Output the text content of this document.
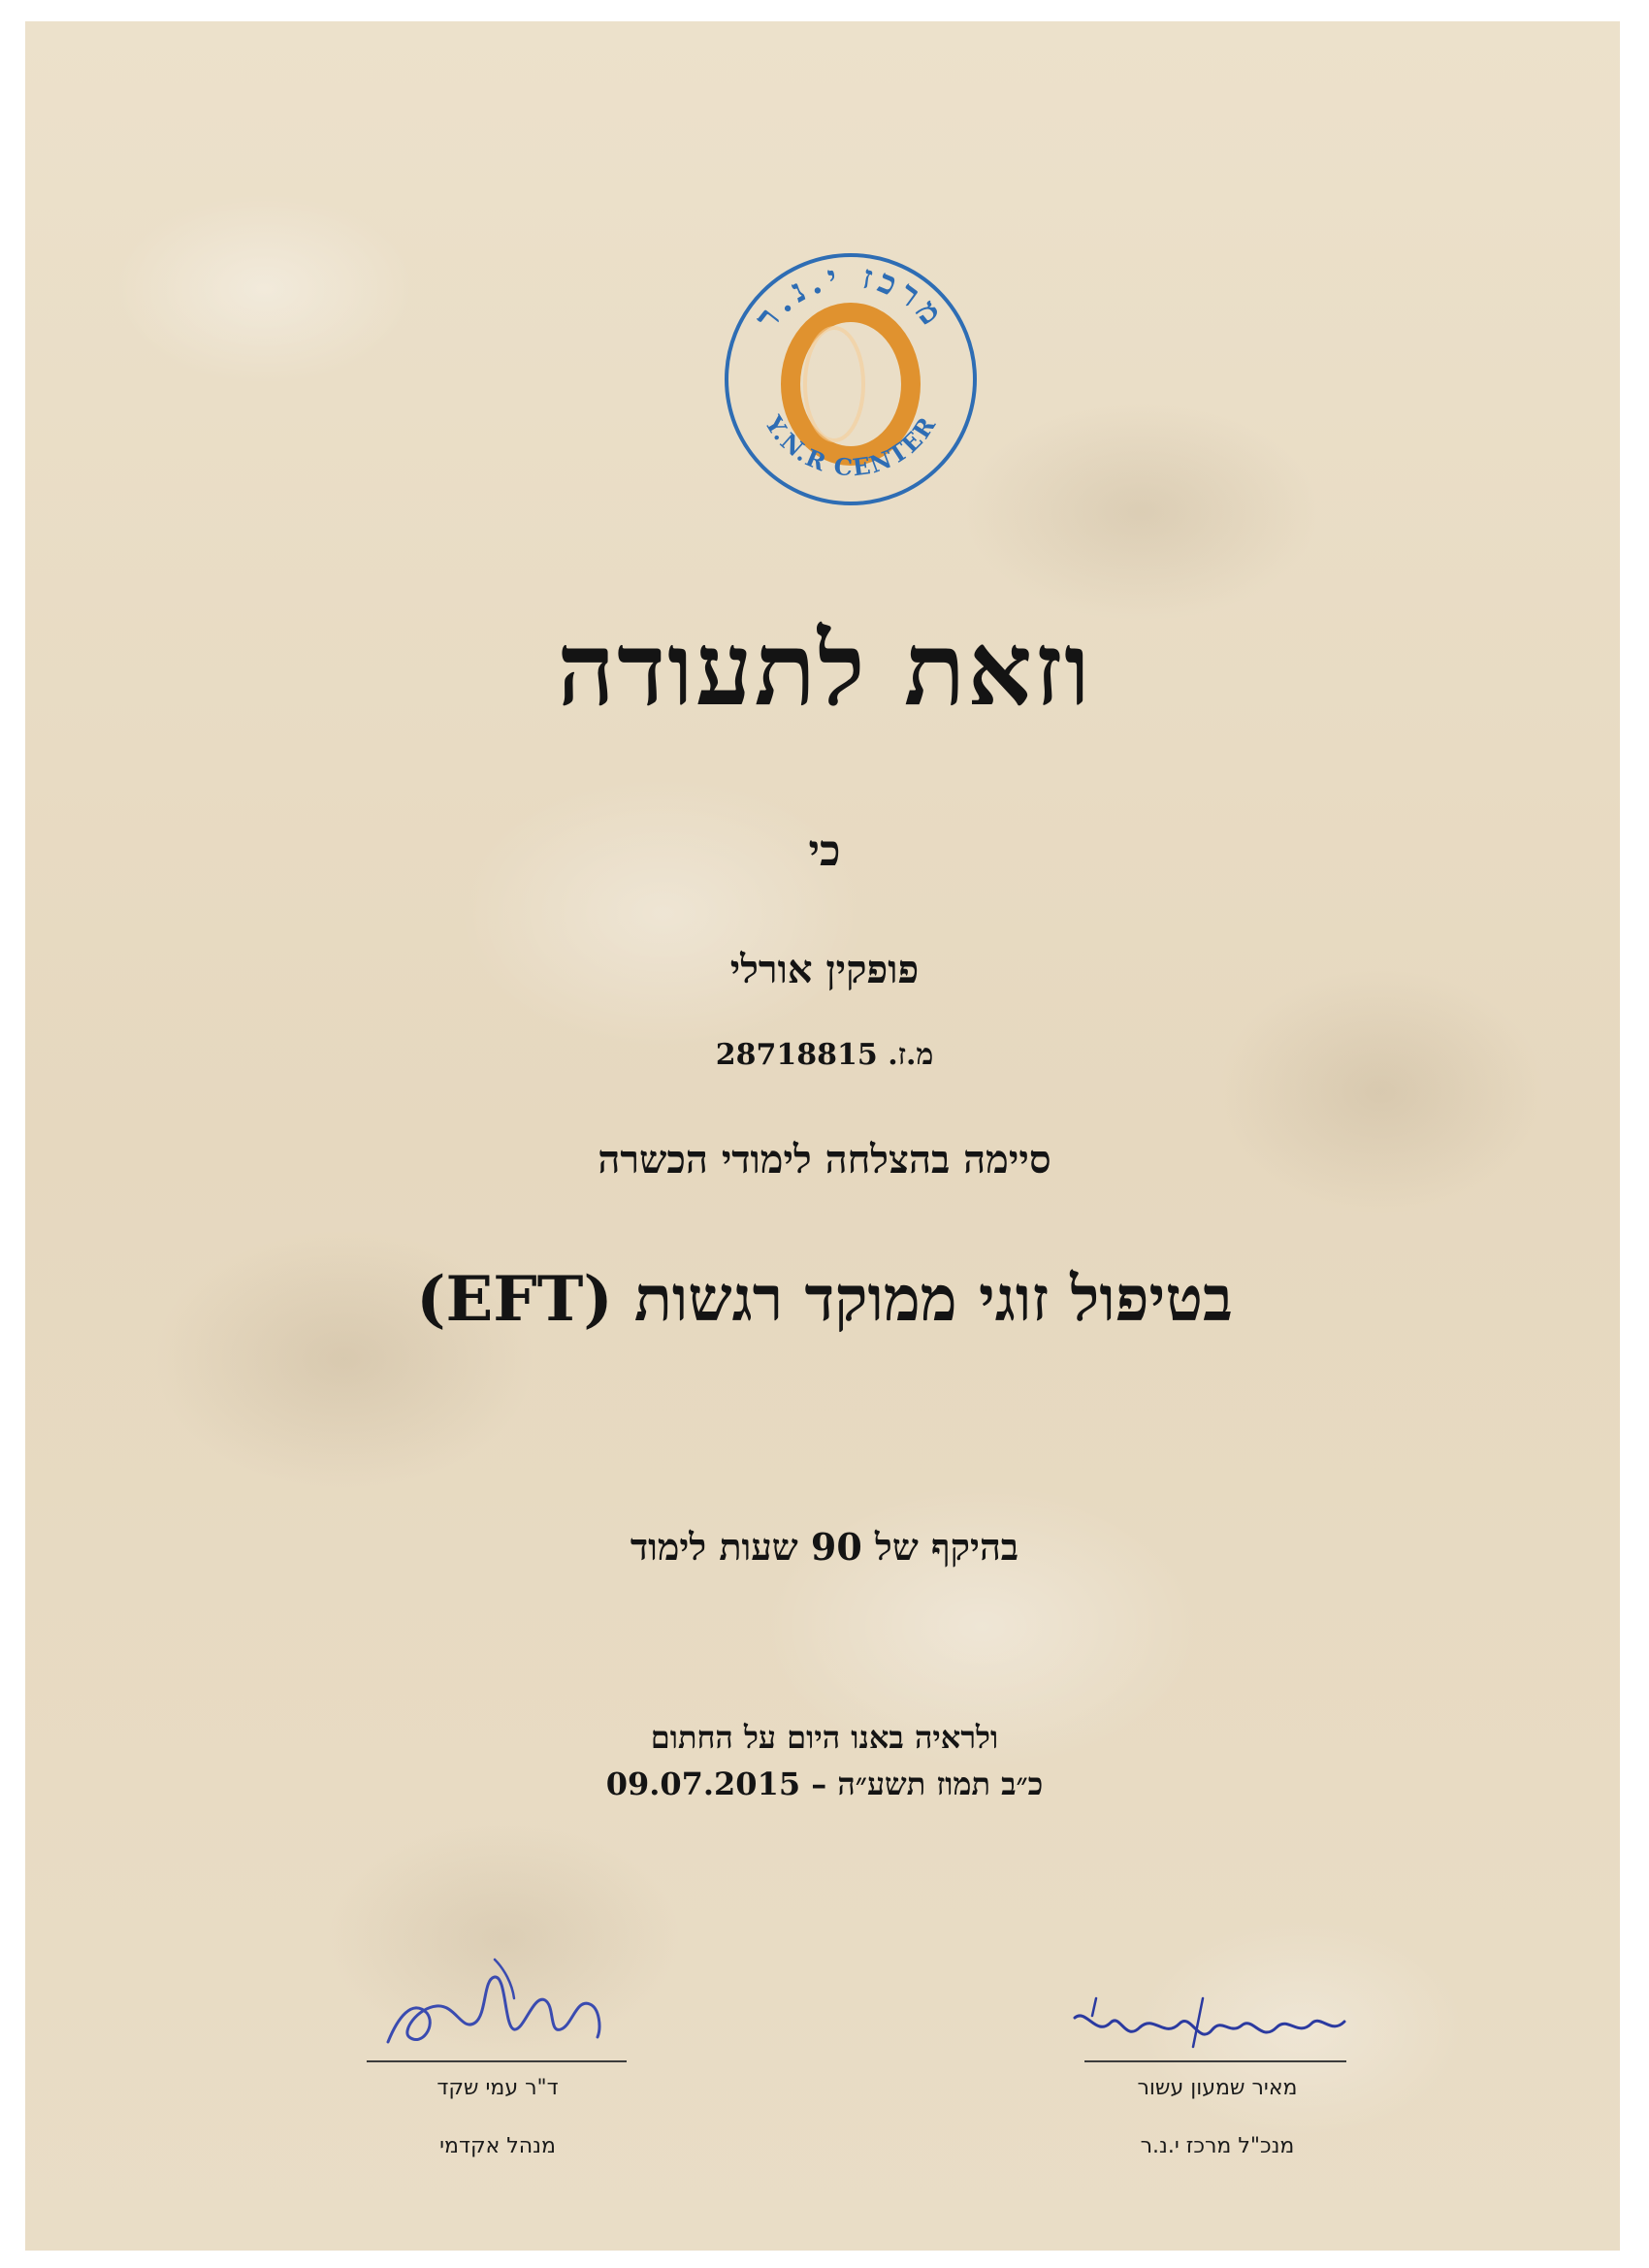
מרכז י.נ.ר
Y.N.R CENTER
וזאת לתעודה
כי
פופקין אורלי
מ.ז. 28718815
סיימה בהצלחה לימודי הכשרה
בטיפול זוגי ממוקד רגשות (EFT)
בהיקף של 90 שעות לימוד
ולראיה באנו היום על החתום
כ״ב תמוז תשע״ה – 09.07.2015
ד"ר עמי שקד
מנהל אקדמי
מאיר שמעון עשור
מנכ"ל מרכז י.נ.ר
